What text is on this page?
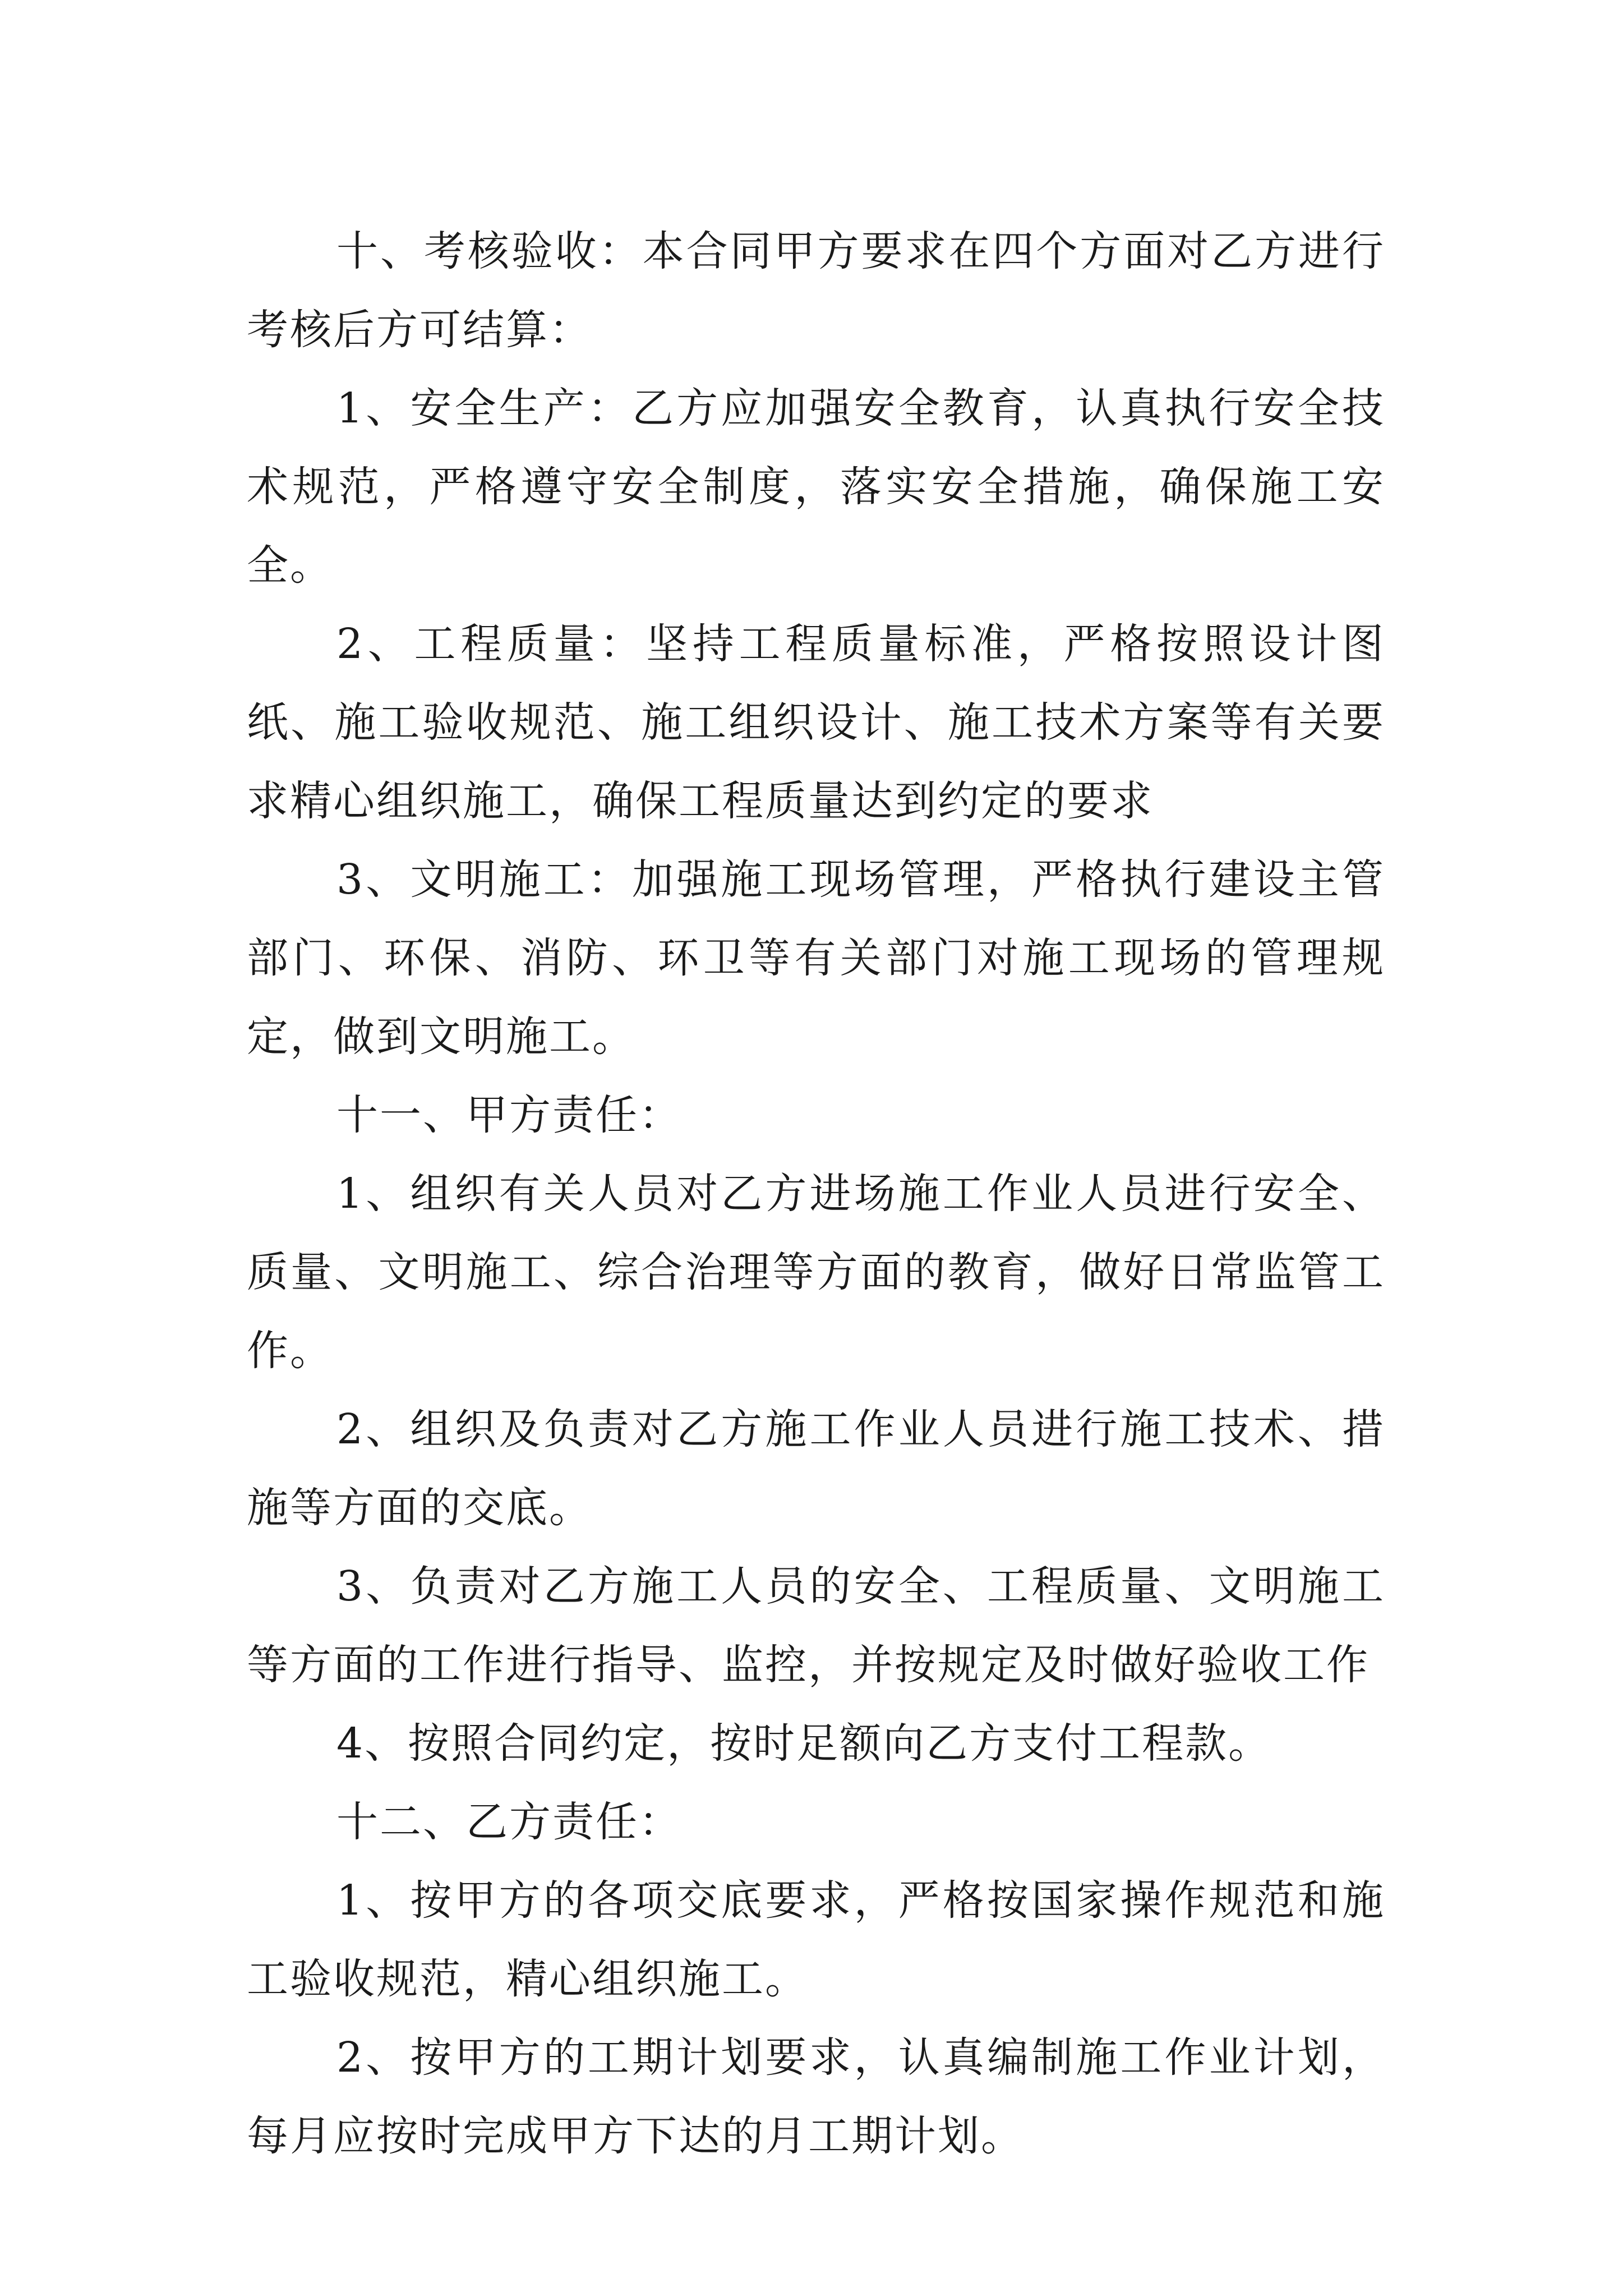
十、考核验收：本合同甲方要求在四个方面对乙方进行考核后方可结算：

1、安全生产：乙方应加强安全教育，认真执行安全技术规范，严格遵守安全制度，落实安全措施，确保施工安全。

2、工程质量：坚持工程质量标准，严格按照设计图纸、施工验收规范、施工组织设计、施工技术方案等有关要求精心组织施工，确保工程质量达到约定的要求

3、文明施工：加强施工现场管理，严格执行建设主管部门、环保、消防、环卫等有关部门对施工现场的管理规定，做到文明施工。

十一、甲方责任：

1、组织有关人员对乙方进场施工作业人员进行安全、质量、文明施工、综合治理等方面的教育，做好日常监管工作。

2、组织及负责对乙方施工作业人员进行施工技术、措施等方面的交底。

3、负责对乙方施工人员的安全、工程质量、文明施工等方面的工作进行指导、监控，并按规定及时做好验收工作

4、按照合同约定，按时足额向乙方支付工程款。

十二、乙方责任：

1、按甲方的各项交底要求，严格按国家操作规范和施工验收规范，精心组织施工。

2、按甲方的工期计划要求，认真编制施工作业计划，每月应按时完成甲方下达的月工期计划。
